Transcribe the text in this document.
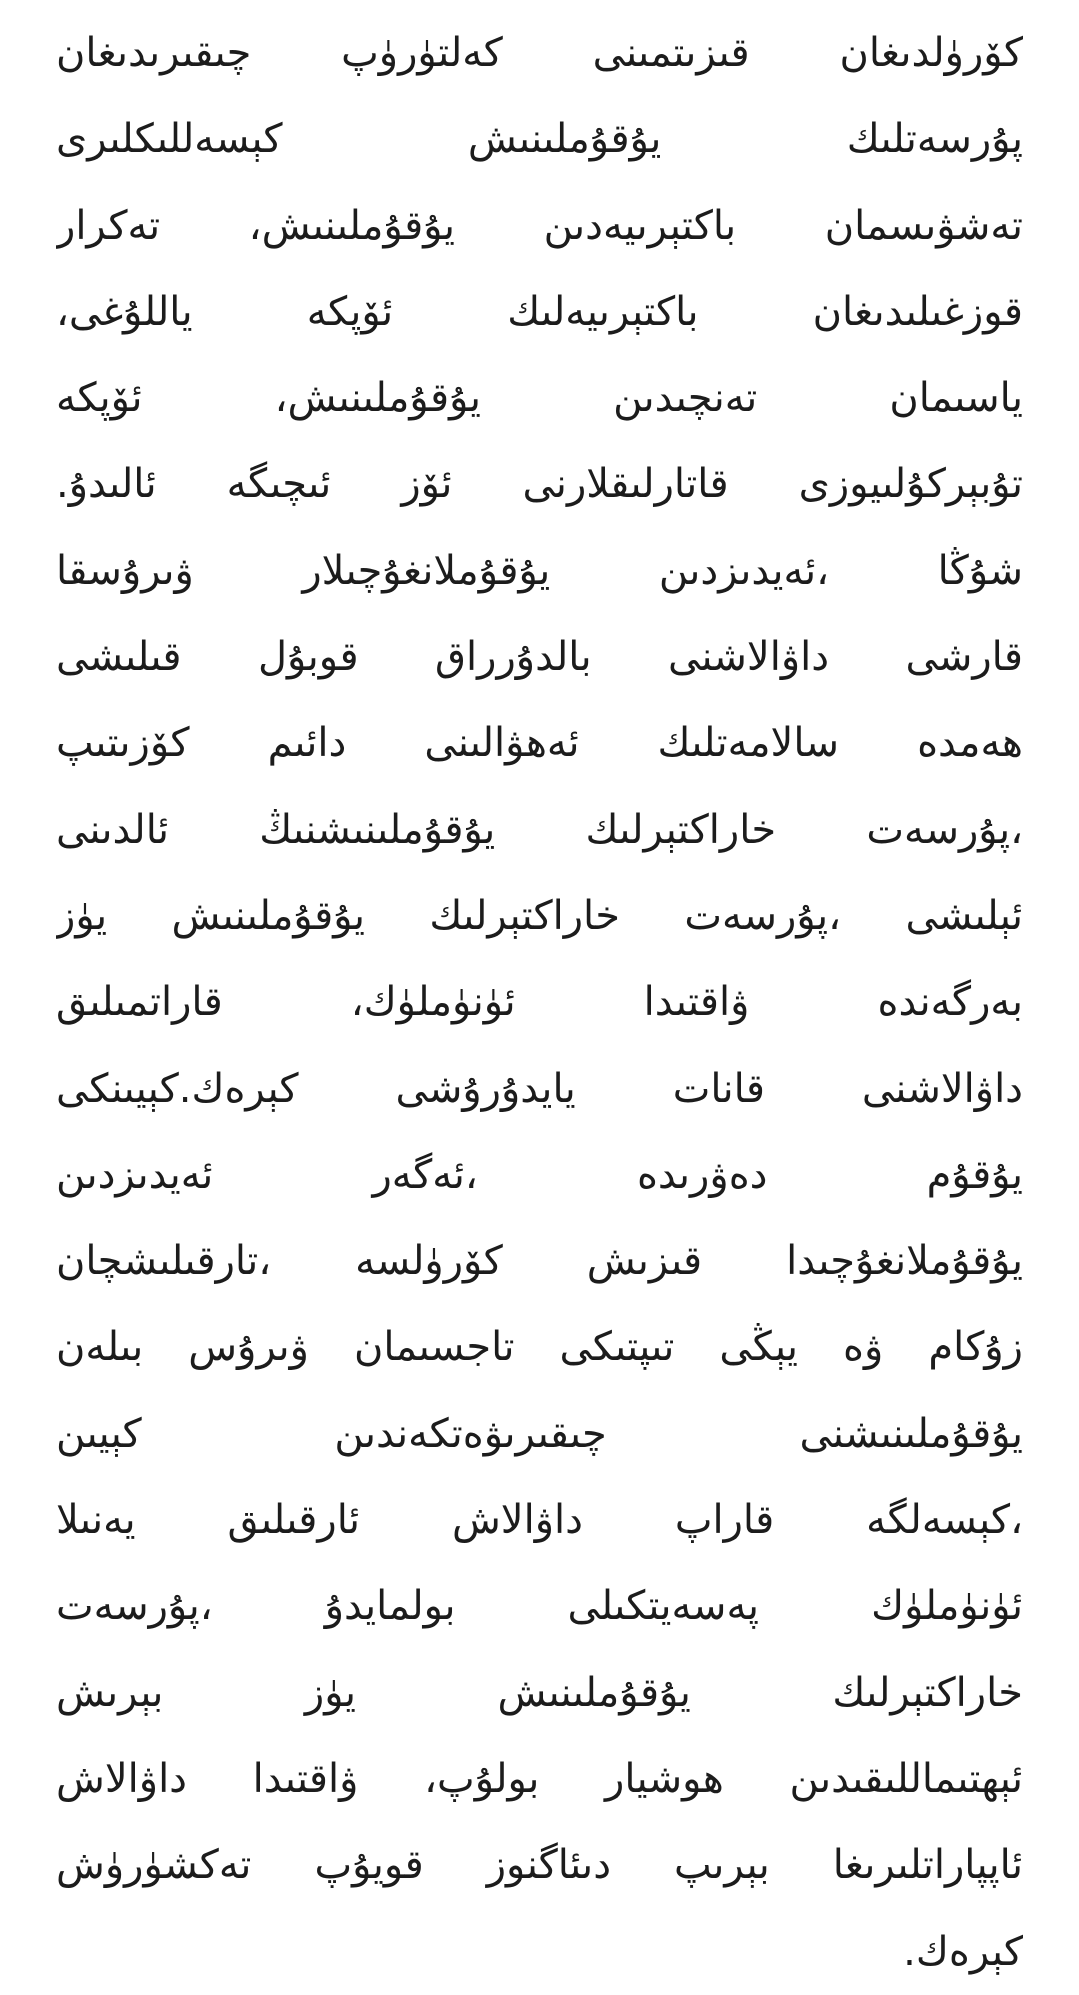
كۆرۈلدىغان قىزىتمىنى كەلتۈرۈپ چىقىرىدىغان
پۇرسەتلىك يۇقۇملىنىش كېسەللىكلىرى
تەشۋىسمان باكتېرىيەدىن يۇقۇملىنىش، تەكرار
قوزغىلىدىغان باكتېرىيەلىك ئۆپكە ياللۇغى،
ياسىمان تەنچىدىن يۇقۇملىنىش، ئۆپكە
تۇبېركۇلىيوزى قاتارلىقلارنى ئۆز ئىچىگە ئالىدۇ.
شۇڭا ،ئەيدىزدىن يۇقۇملانغۇچىلار ۋىرۇسقا
قارشى داۋالاشنى بالدۇرراق قوبۇل قىلىشى
ھەمدە سالامەتلىك ئەھۋالىنى دائىم كۆزىتىپ
،پۇرسەت خاراكتېرلىك يۇقۇملىنىشنىڭ ئالدىنى
ئېلىشى ،پۇرسەت خاراكتېرلىك يۇقۇملىنىش يۈز
بەرگەندە ۋاقتىدا ئۈنۈملۈك، قاراتمىلىق
داۋالاشنى قانات يايدۇرۇشى كېرەك.كېيىنكى
يۇقۇم دەۋرىدە ،ئەگەر ئەيدىزدىن
يۇقۇملانغۇچىدا قىزىش كۆرۈلسە ،تارقىلىشچان
زۇكام ۋە يېڭى تىپتىكى تاجسىمان ۋىرۇس بىلەن
يۇقۇملىنىشنى چىقىرىۋەتكەندىن كېيىن
،كېسەلگە قاراپ داۋالاش ئارقىلىق يەنىلا
ئۈنۈملۈك پەسەيتكىلى بولمايدۇ ،پۇرسەت
خاراكتېرلىك يۇقۇملىنىش يۈز بېرىش
ئېھتىماللىقىدىن ھوشيار بولۇپ، ۋاقتىدا داۋالاش
ئاپپاراتلىرىغا بېرىپ دىئاگنوز قويۇپ تەكشۈرۈش
كېرەك.
